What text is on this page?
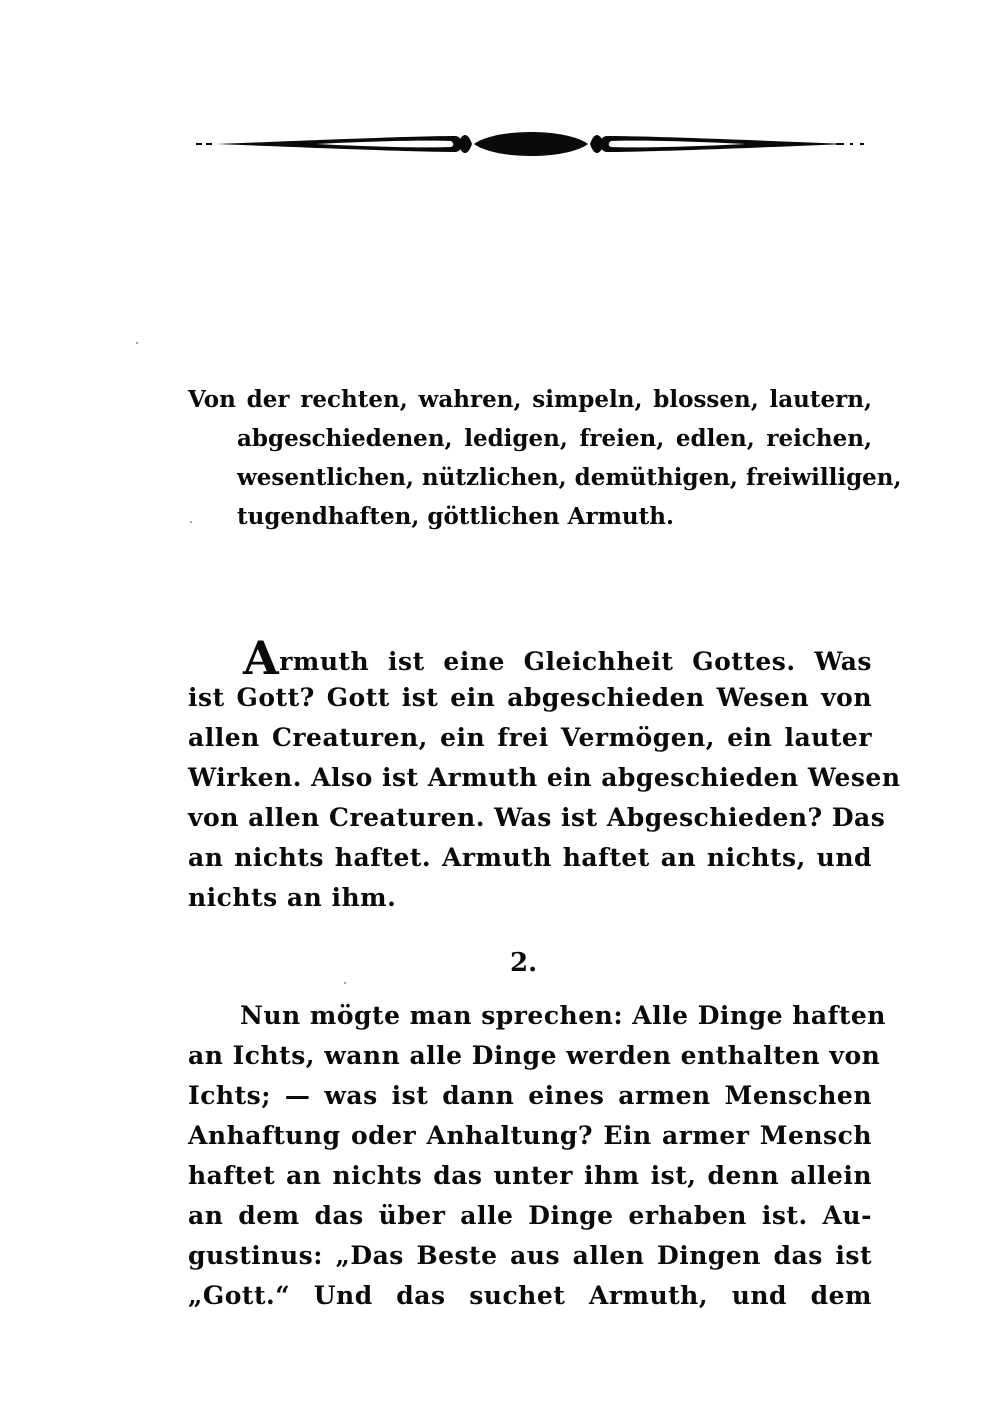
Von der rechten, wahren, simpeln, blossen, lautern,
abgeschiedenen, ledigen, freien, edlen, reichen,
wesentlichen, nützlichen, demüthigen, freiwilligen,
tugendhaften, göttlichen Armuth.
Armuth ist eine Gleichheit Gottes. Was
ist Gott? Gott ist ein abgeschieden Wesen von
allen Creaturen, ein frei Vermögen, ein lauter
Wirken. Also ist Armuth ein abgeschieden Wesen
von allen Creaturen. Was ist Abgeschieden? Das
an nichts haftet. Armuth haftet an nichts, und
nichts an ihm.
2.
Nun mögte man sprechen: Alle Dinge haften
an Ichts, wann alle Dinge werden enthalten von
Ichts; — was ist dann eines armen Menschen
Anhaftung oder Anhaltung? Ein armer Mensch
haftet an nichts das unter ihm ist, denn allein
an dem das über alle Dinge erhaben ist. Au-
gustinus: „Das Beste aus allen Dingen das ist
„Gott.“ Und das suchet Armuth, und dem
